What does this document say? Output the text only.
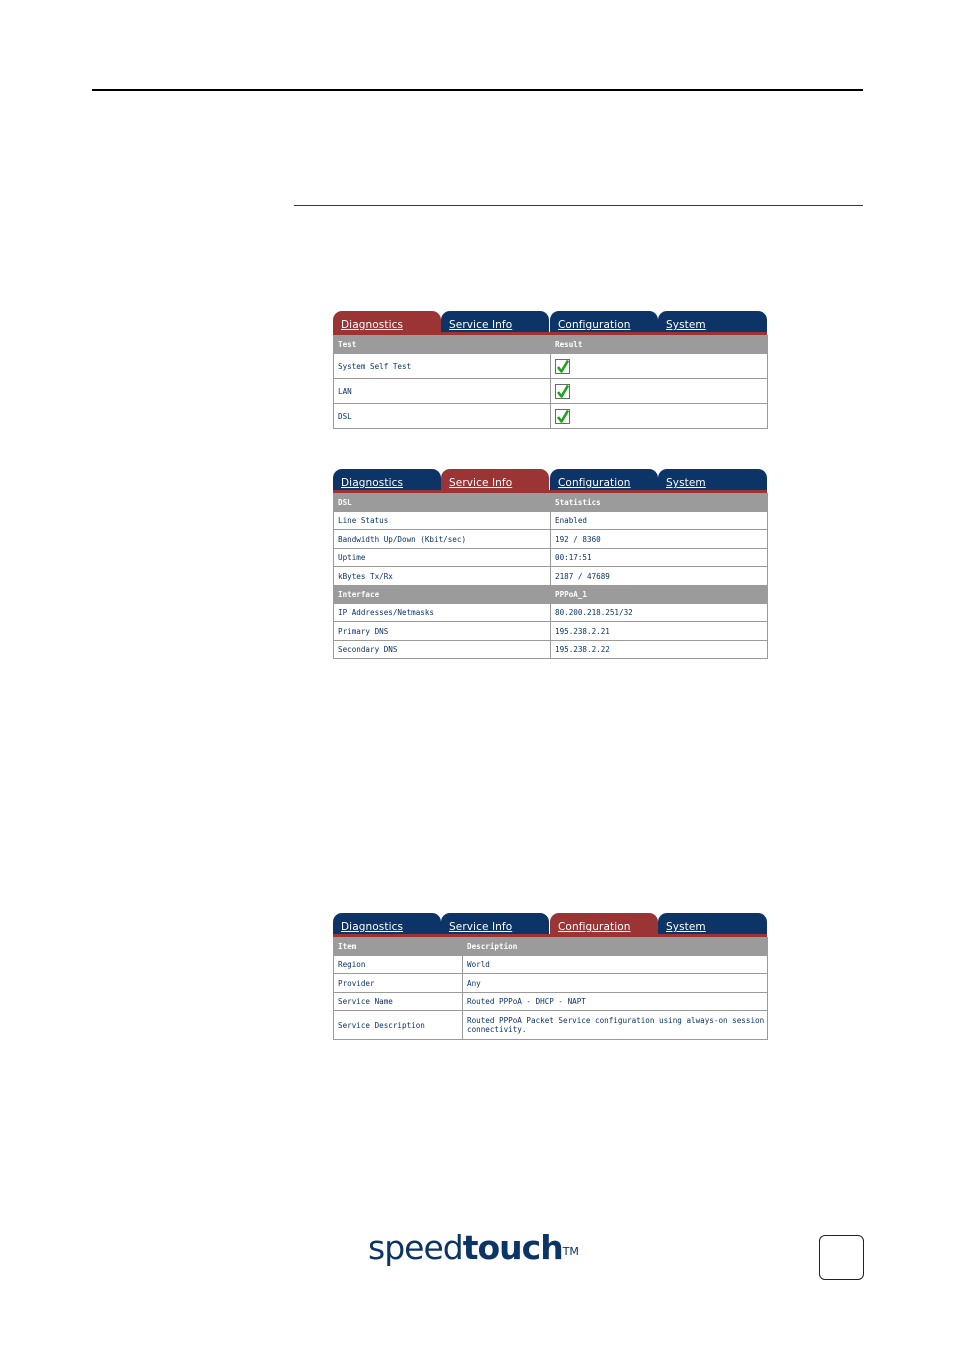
Diagnostics	Service Info	Configuration	System
Test	Result
System Self Test	

LAN	

DSL	
Diagnostics	Service Info	Configuration	System
DSL	Statistics
Line Status	Enabled
Bandwidth Up/Down (Kbit/sec)	192 / 8360
Uptime	00:17:51
kBytes Tx/Rx	2187 / 47689
Interface	PPPoA_1
IP Addresses/Netmasks	80.200.218.251/32
Primary DNS	195.238.2.21
Secondary DNS	195.238.2.22
Diagnostics	Service Info	Configuration	System
Item	Description
Region	World
Provider	Any
Service Name	Routed PPPoA - DHCP - NAPT
Service Description	Routed PPPoA Packet Service configuration using always-on session connectivity.
speedtouch™
